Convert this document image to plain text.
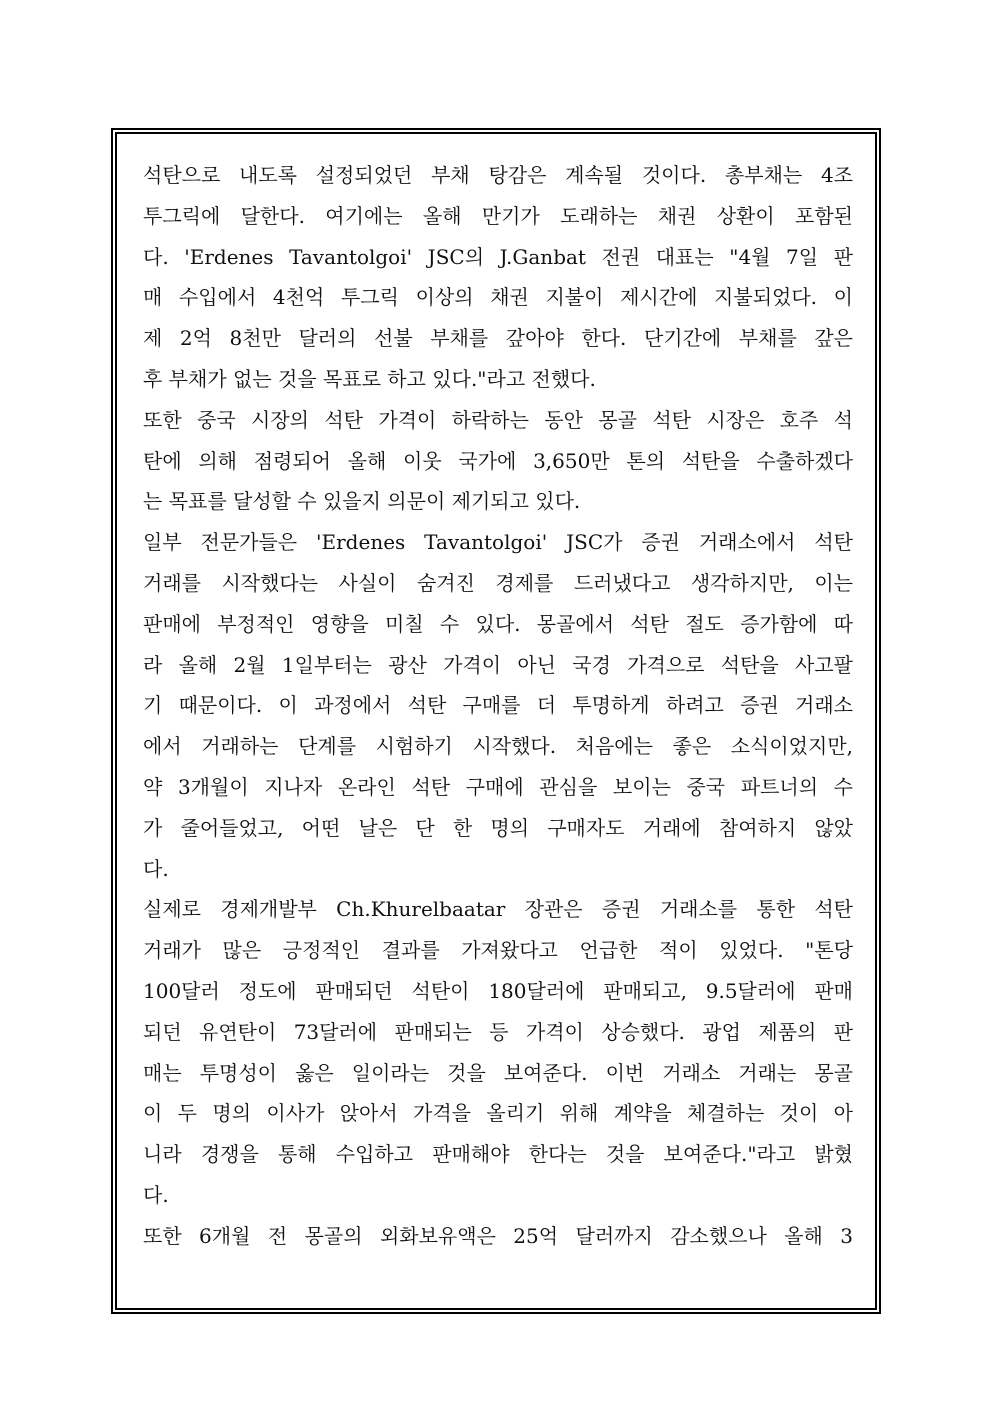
석탄으로 내도록 설정되었던 부채 탕감은 계속될 것이다. 총부채는 4조
투그릭에 달한다. 여기에는 올해 만기가 도래하는 채권 상환이 포함된
다. 'Erdenes Tavantolgoi' JSC의 J.Ganbat 전권 대표는 "4월 7일 판
매 수입에서 4천억 투그릭 이상의 채권 지불이 제시간에 지불되었다. 이
제 2억 8천만 달러의 선불 부채를 갚아야 한다. 단기간에 부채를 갚은
후 부채가 없는 것을 목표로 하고 있다."라고 전했다.
또한 중국 시장의 석탄 가격이 하락하는 동안 몽골 석탄 시장은 호주 석
탄에 의해 점령되어 올해 이웃 국가에 3,650만 톤의 석탄을 수출하겠다
는 목표를 달성할 수 있을지 의문이 제기되고 있다.
일부 전문가들은 'Erdenes Tavantolgoi' JSC가 증권 거래소에서 석탄
거래를 시작했다는 사실이 숨겨진 경제를 드러냈다고 생각하지만, 이는
판매에 부정적인 영향을 미칠 수 있다. 몽골에서 석탄 절도 증가함에 따
라 올해 2월 1일부터는 광산 가격이 아닌 국경 가격으로 석탄을 사고팔
기 때문이다. 이 과정에서 석탄 구매를 더 투명하게 하려고 증권 거래소
에서 거래하는 단계를 시험하기 시작했다. 처음에는 좋은 소식이었지만,
약 3개월이 지나자 온라인 석탄 구매에 관심을 보이는 중국 파트너의 수
가 줄어들었고, 어떤 날은 단 한 명의 구매자도 거래에 참여하지 않았
다.
실제로 경제개발부 Ch.Khurelbaatar 장관은 증권 거래소를 통한 석탄
거래가 많은 긍정적인 결과를 가져왔다고 언급한 적이 있었다. "톤당
100달러 정도에 판매되던 석탄이 180달러에 판매되고, 9.5달러에 판매
되던 유연탄이 73달러에 판매되는 등 가격이 상승했다. 광업 제품의 판
매는 투명성이 옳은 일이라는 것을 보여준다. 이번 거래소 거래는 몽골
이 두 명의 이사가 앉아서 가격을 올리기 위해 계약을 체결하는 것이 아
니라 경쟁을 통해 수입하고 판매해야 한다는 것을 보여준다."라고 밝혔
다.
또한 6개월 전 몽골의 외화보유액은 25억 달러까지 감소했으나 올해 3
